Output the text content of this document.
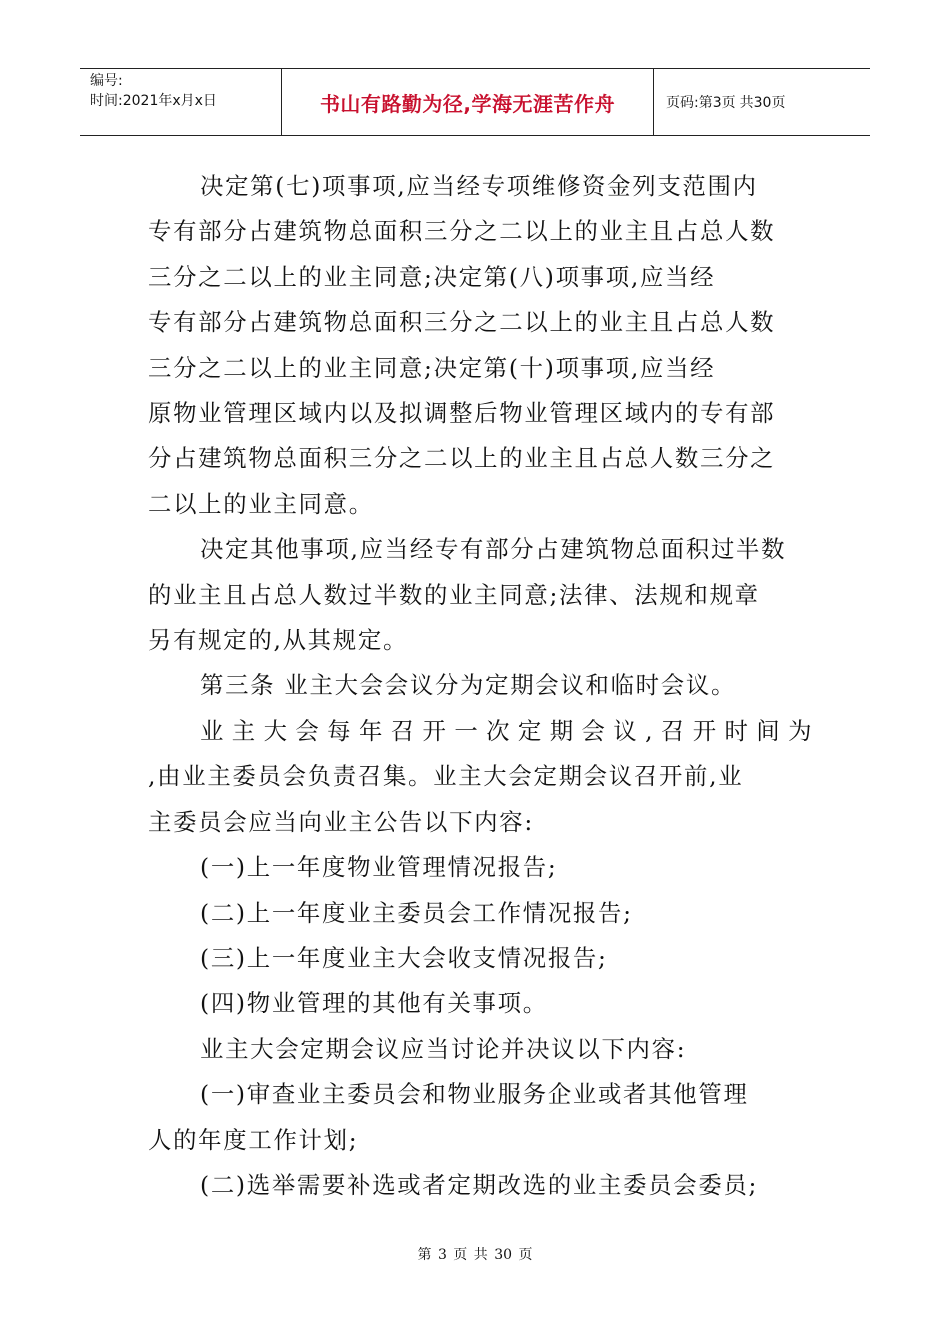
编号:
时间:2021年x月x日	书山有路勤为径,学海无涯苦作舟	页码:第3页 共30页

决定第(七)项事项,应当经专项维修资金列支范围内

专有部分占建筑物总面积三分之二以上的业主且占总人数

三分之二以上的业主同意;决定第(八)项事项,应当经

专有部分占建筑物总面积三分之二以上的业主且占总人数

三分之二以上的业主同意;决定第(十)项事项,应当经

原物业管理区域内以及拟调整后物业管理区域内的专有部

分占建筑物总面积三分之二以上的业主且占总人数三分之

二以上的业主同意。

决定其他事项,应当经专有部分占建筑物总面积过半数

的业主且占总人数过半数的业主同意;法律、法规和规章

另有规定的,从其规定。

第三条 业主大会会议分为定期会议和临时会议。

业主大会每年召开一次定期会议,召开时间为

,由业主委员会负责召集。业主大会定期会议召开前,业

主委员会应当向业主公告以下内容:

(一)上一年度物业管理情况报告;

(二)上一年度业主委员会工作情况报告;

(三)上一年度业主大会收支情况报告;

(四)物业管理的其他有关事项。

业主大会定期会议应当讨论并决议以下内容:

(一)审查业主委员会和物业服务企业或者其他管理

人的年度工作计划;

(二)选举需要补选或者定期改选的业主委员会委员;

第 3 页 共 30 页
